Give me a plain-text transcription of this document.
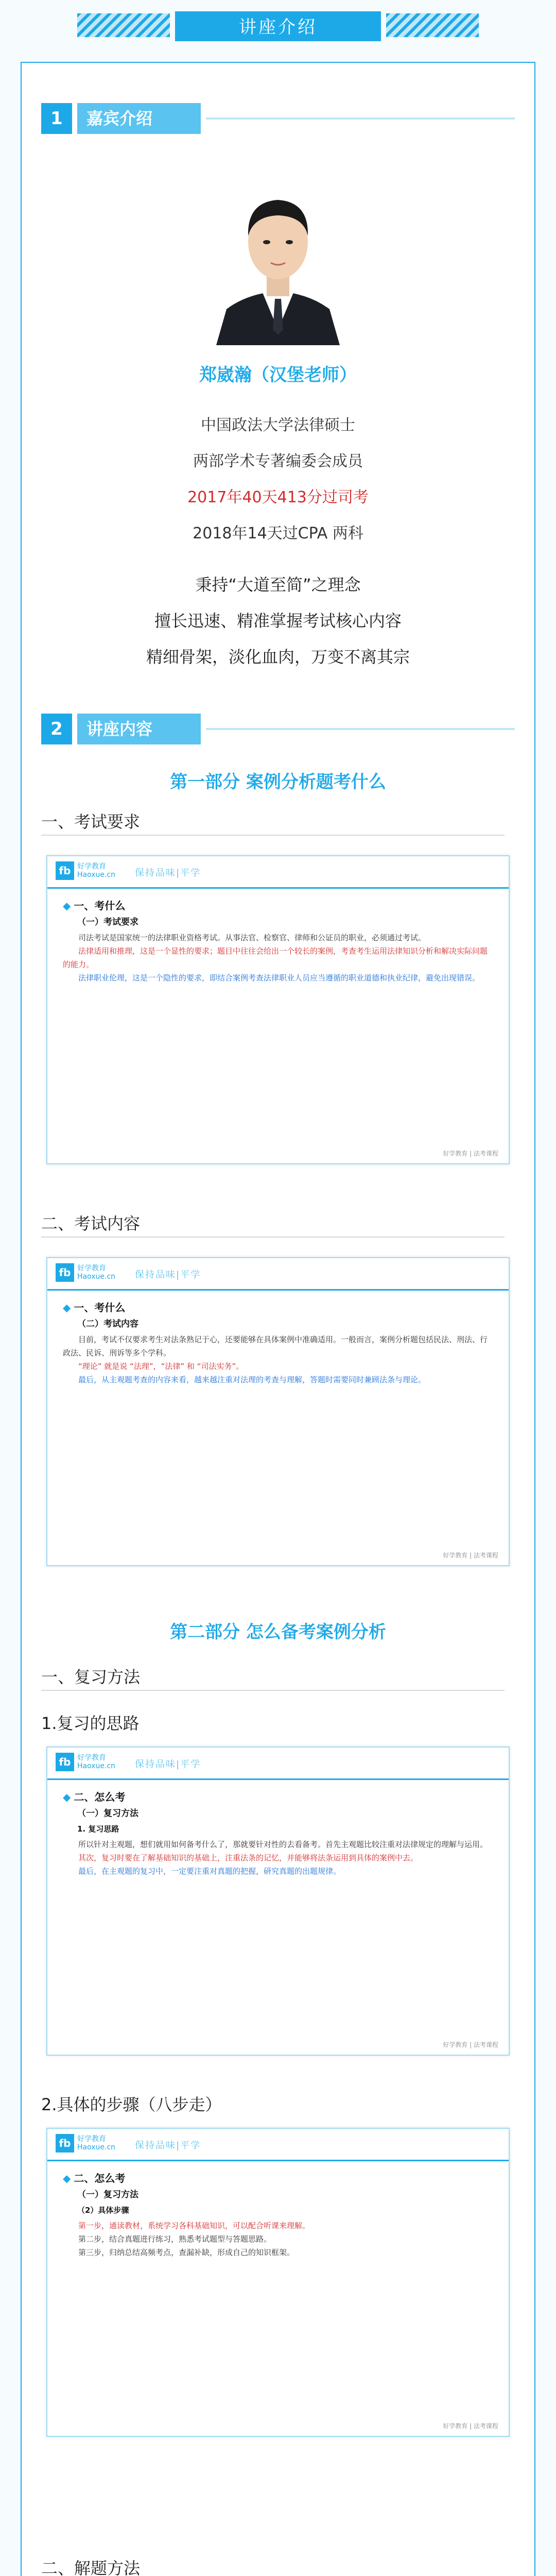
讲座介绍
1	嘉宾介绍
郑崴瀚（汉堡老师）
中国政法大学法律硕士
两部学术专著编委会成员
2017年40天413分过司考
2018年14天过CPA 两科
秉持“大道至简”之理念
擅长迅速、精准掌握考试核心内容
精细骨架，淡化血肉，万变不离其宗
2	讲座内容
第一部分 案例分析题考什么
一、考试要求
fb 好学教育
Haoxue.cn 保持品味|平学
◆ 一、考什么
（一）考试要求

司法考试是国家统一的法律职业资格考试。从事法官、检察官、律师和公证员的职业，必须通过考试。

法律适用和推理，这是一个显性的要求；题目中往往会给出一个较长的案例，考查考生运用法律知识分析和解决实际问题的能力。

法律职业伦理，这是一个隐性的要求，即结合案例考查法律职业人员应当遵循的职业道德和执业纪律，避免出现错误。

好学教育 | 法考课程
二、考试内容
fb 好学教育
Haoxue.cn 保持品味|平学
◆ 一、考什么
（二）考试内容

目前，考试不仅要求考生对法条熟记于心，还要能够在具体案例中准确适用。一般而言，案例分析题包括民法、刑法、行政法、民诉、刑诉等多个学科。

“理论” 就是说 “法理”，“法律” 和 “司法实务”。

最后，从主观题考查的内容来看，越来越注重对法理的考查与理解，答题时需要同时兼顾法条与理论。

好学教育 | 法考课程
第二部分 怎么备考案例分析
一、复习方法
1.复习的思路
fb 好学教育
Haoxue.cn 保持品味|平学
◆ 二、怎么考
（一）复习方法
1. 复习思路

所以针对主观题，想们就用如何备考什么了，那就要针对性的去看备考。首先主观题比较注重对法律规定的理解与运用。

其次，复习时要在了解基础知识的基础上，注重法条的记忆，并能够将法条运用到具体的案例中去。

最后，在主观题的复习中，一定要注重对真题的把握，研究真题的出题规律。

好学教育 | 法考课程
2.具体的步骤（八步走）
fb 好学教育
Haoxue.cn 保持品味|平学
◆ 二、怎么考
（一）复习方法
（2）具体步骤

第一步，通读教材，系统学习各科基础知识，可以配合听课来理解。

第二步，结合真题进行练习，熟悉考试题型与答题思路。

第三步，归纳总结高频考点，查漏补缺，形成自己的知识框架。

好学教育 | 法考课程
二、解题方法
